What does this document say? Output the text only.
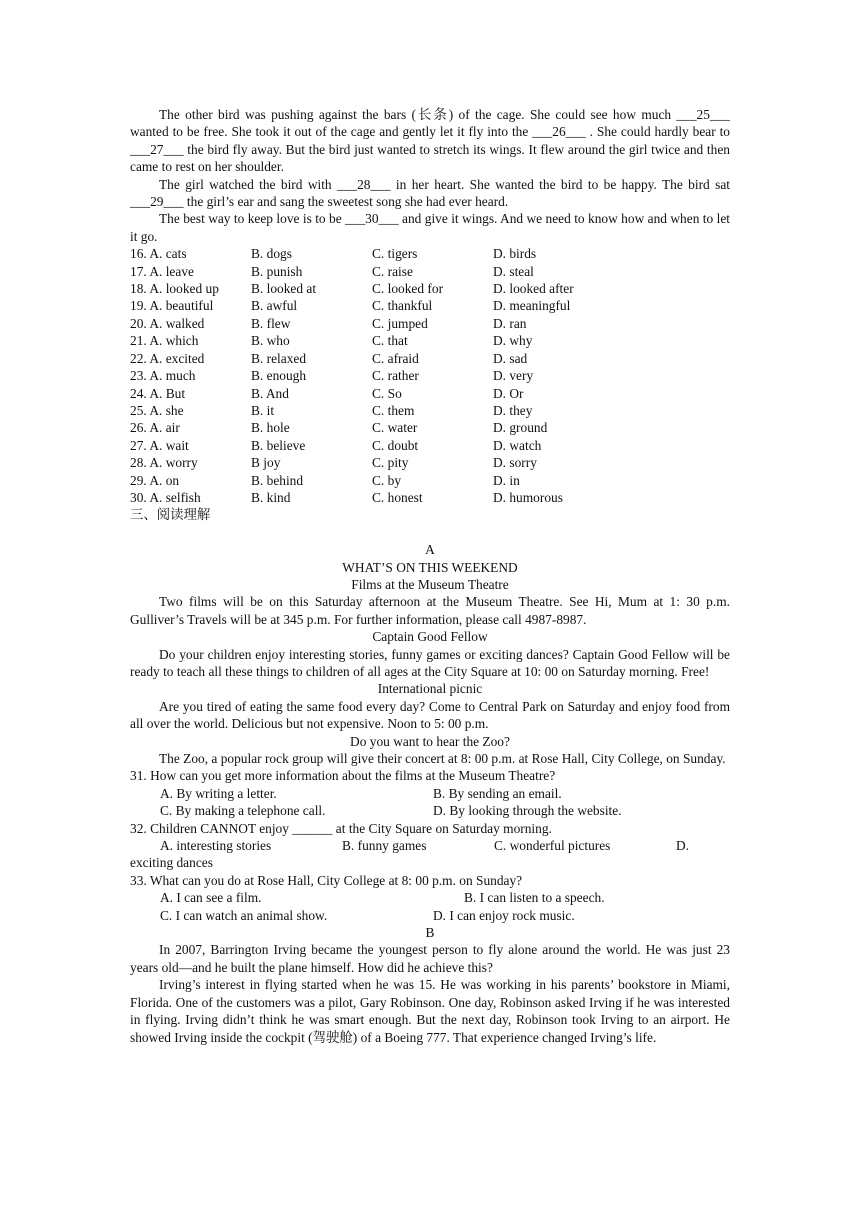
The other bird was pushing against the bars (长条) of the cage. She could see how much ___25___ wanted to be free. She took it out of the cage and gently let it fly into the ___26___ . She could hardly bear to ___27___ the bird fly away. But the bird just wanted to stretch its wings. It flew around the girl twice and then came to rest on her shoulder.

The girl watched the bird with ___28___ in her heart. She wanted the bird to be happy. The bird sat ___29___ the girl’s ear and sang the sweetest song she had ever heard.

The best way to keep love is to be ___30___ and give it wings. And we need to know how and when to let it go.

16. A. cats	B. dogs	C. tigers	D. birds
17. A. leave	B. punish	C. raise	D. steal
18. A. looked up	B. looked at	C. looked for	D. looked after
19. A. beautiful	B. awful	C. thankful	D. meaningful
20. A. walked	B. flew	C. jumped	D. ran
21. A. which	B. who	C. that	D. why
22. A. excited	B. relaxed	C. afraid	D. sad
23. A. much	B. enough	C. rather	D. very
24. A. But	B. And	C. So	D. Or
25. A. she	B. it	C. them	D. they
26. A. air	B. hole	C. water	D. ground
27. A. wait	B. believe	C. doubt	D. watch
28. A. worry	B joy	C. pity	D. sorry
29. A. on	B. behind	C. by	D. in
30. A. selfish	B. kind	C. honest	D. humorous

三、阅读理解

A

WHAT’S ON THIS WEEKEND

Films at the Museum Theatre

Two films will be on this Saturday afternoon at the Museum Theatre. See Hi, Mum at 1: 30 p.m. Gulliver’s Travels will be at 345 p.m. For further information, please call 4987-8987.

Captain Good Fellow

Do your children enjoy interesting stories, funny games or exciting dances? Captain Good Fellow will be ready to teach all these things to children of all ages at the City Square at 10: 00 on Saturday morning. Free!

International picnic

Are you tired of eating the same food every day? Come to Central Park on Saturday and enjoy food from all over the world. Delicious but not expensive. Noon to 5: 00 p.m.

Do you want to hear the Zoo?

The Zoo, a popular rock group will give their concert at 8: 00 p.m. at Rose Hall, City College, on Sunday.

31. How can you get more information about the films at the Museum Theatre?

A. By writing a letter.	B. By sending an email.
C. By making a telephone call.	D. By looking through the website.

32. Children CANNOT enjoy ______ at the City Square on Saturday morning.

A. interesting stories	B. funny games	C. wonderful pictures	D.

exciting dances

33. What can you do at Rose Hall, City College at 8: 00 p.m. on Sunday?

A. I can see a film.	B. I can listen to a speech.
C. I can watch an animal show.	D. I can enjoy rock music.

B

In 2007, Barrington Irving became the youngest person to fly alone around the world. He was just 23 years old—and he built the plane himself. How did he achieve this?

Irving’s interest in flying started when he was 15. He was working in his parents’ bookstore in Miami, Florida. One of the customers was a pilot, Gary Robinson. One day, Robinson asked Irving if he was interested in flying. Irving didn’t think he was smart enough. But the next day, Robinson took Irving to an airport. He showed Irving inside the cockpit (驾驶舱) of a Boeing 777. That experience changed Irving’s life.
